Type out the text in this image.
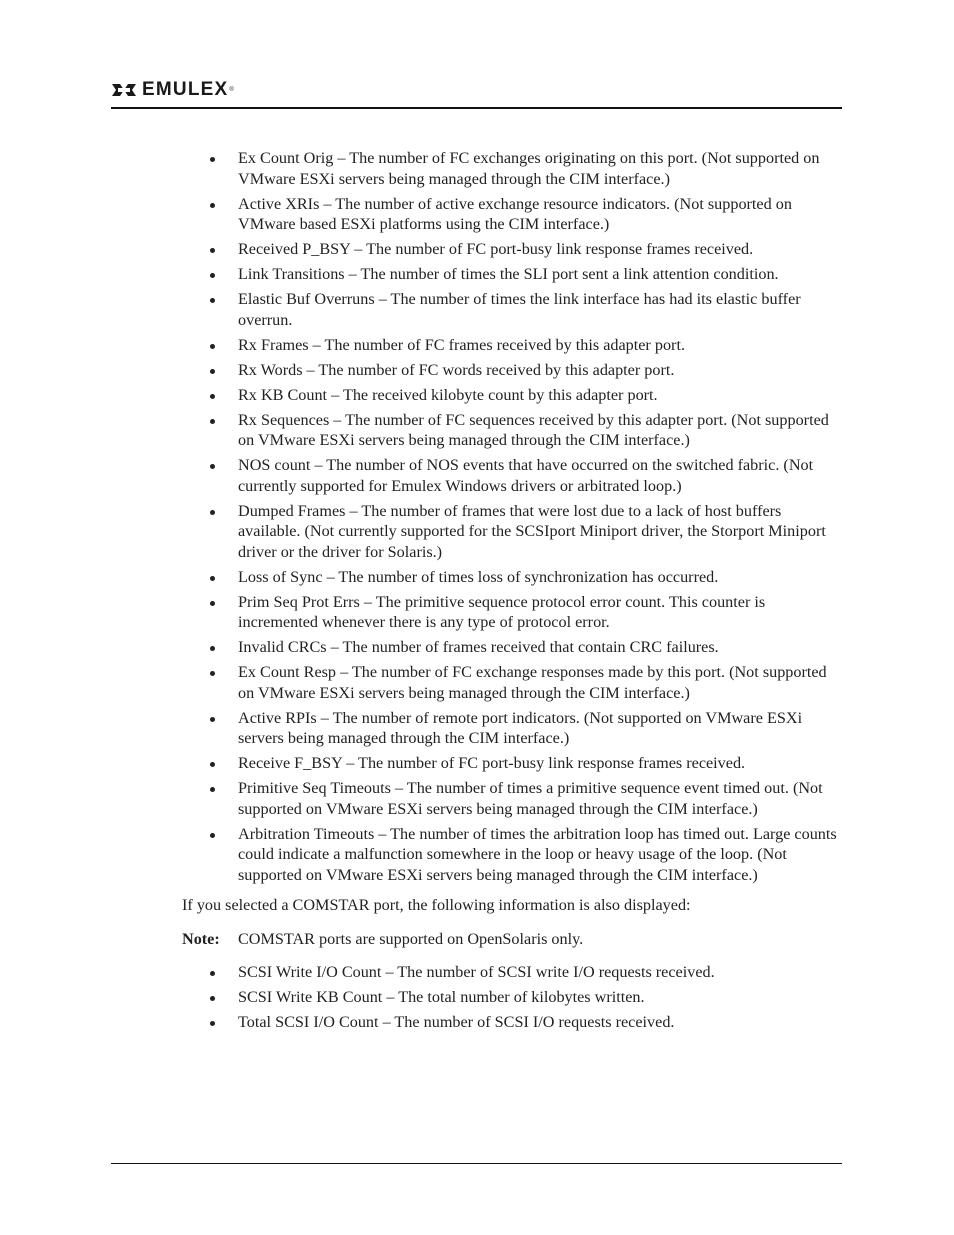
EMULEX ®
Ex Count Orig – The number of FC exchanges originating on this port. (Not supported on VMware ESXi servers being managed through the CIM interface.)
Active XRIs – The number of active exchange resource indicators. (Not supported on VMware based ESXi platforms using the CIM interface.)
Received P_BSY – The number of FC port-busy link response frames received.
Link Transitions – The number of times the SLI port sent a link attention condition.
Elastic Buf Overruns – The number of times the link interface has had its elastic buffer overrun.
Rx Frames – The number of FC frames received by this adapter port.
Rx Words – The number of FC words received by this adapter port.
Rx KB Count – The received kilobyte count by this adapter port.
Rx Sequences – The number of FC sequences received by this adapter port. (Not supported on VMware ESXi servers being managed through the CIM interface.)
NOS count – The number of NOS events that have occurred on the switched fabric. (Not currently supported for Emulex Windows drivers or arbitrated loop.)
Dumped Frames – The number of frames that were lost due to a lack of host buffers available. (Not currently supported for the SCSIport Miniport driver, the Storport Miniport driver or the driver for Solaris.)
Loss of Sync – The number of times loss of synchronization has occurred.
Prim Seq Prot Errs – The primitive sequence protocol error count. This counter is incremented whenever there is any type of protocol error.
Invalid CRCs – The number of frames received that contain CRC failures.
Ex Count Resp – The number of FC exchange responses made by this port. (Not supported on VMware ESXi servers being managed through the CIM interface.)
Active RPIs – The number of remote port indicators. (Not supported on VMware ESXi servers being managed through the CIM interface.)
Receive F_BSY – The number of FC port-busy link response frames received.
Primitive Seq Timeouts – The number of times a primitive sequence event timed out. (Not supported on VMware ESXi servers being managed through the CIM interface.)
Arbitration Timeouts – The number of times the arbitration loop has timed out. Large counts could indicate a malfunction somewhere in the loop or heavy usage of the loop. (Not supported on VMware ESXi servers being managed through the CIM interface.)

If you selected a COMSTAR port, the following information is also displayed:

Note: COMSTAR ports are supported on OpenSolaris only.

SCSI Write I/O Count – The number of SCSI write I/O requests received.
SCSI Write KB Count – The total number of kilobytes written.
Total SCSI I/O Count – The number of SCSI I/O requests received.
